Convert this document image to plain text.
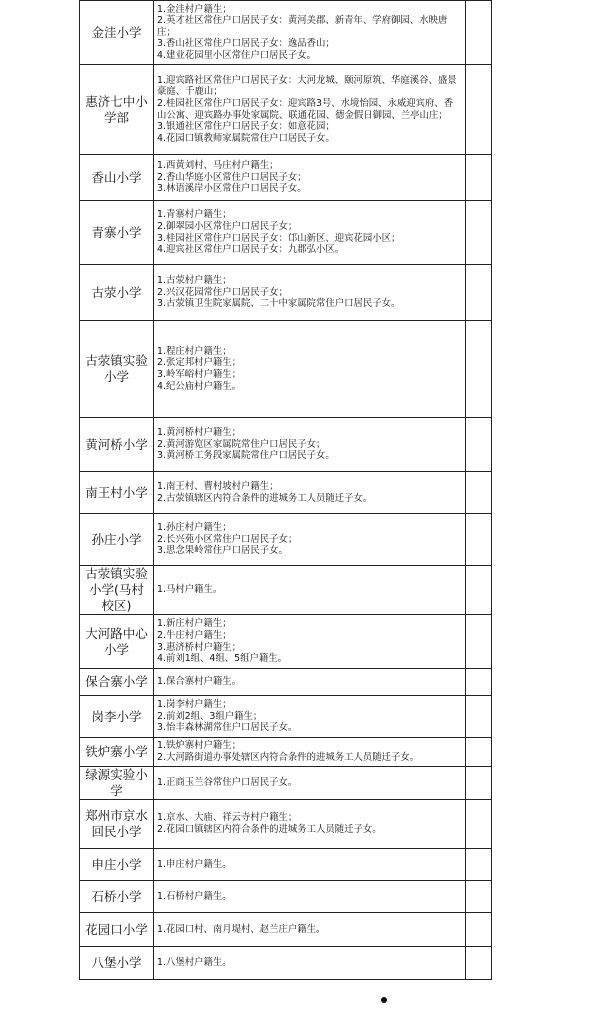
金洼小学	1.金洼村户籍生；
2.英才社区常住户口居民子女：黄河美郡、新青年、学府御园、水映唐庄；
3.香山社区常住户口居民子女：逸品香山；
4.建业花园里小区常住户口居民子女。	

惠济七中小学部	1.迎宾路社区常住户口居民子女：大河龙城、颐河原筑、华庭溪谷、盛景豪庭、千鹿山；
2.桂园社区常住户口居民子女：迎宾路3号、水境怡园、永威迎宾府、香山公寓、迎宾路办事处家属院、联通花园、德金假日御园、兰亭山庄；
3.银通社区常住户口居民子女：如意花园；
4.花园口镇教师家属院常住户口居民子女。	

香山小学	1.西黄刘村、马庄村户籍生；
2.香山华庭小区常住户口居民子女；
3.林语溪岸小区常住户口居民子女。	

青寨小学	1.青寨村户籍生；
2.御翠园小区常住户口居民子女；
3.桂园社区常住户口居民子女：邙山新区、迎宾花园小区；
4.迎宾社区常住户口居民子女：九郡弘小区。	

古荥小学	1.古荥村户籍生；
2.兴汉花园常住户口居民子女；
3.古荥镇卫生院家属院、二十中家属院常住户口居民子女。	

古荥镇实验小学	1.程庄村户籍生；
2.张定邦村户籍生；
3.岭军峪村户籍生；
4.纪公庙村户籍生。	

黄河桥小学	1.黄河桥村户籍生；
2.黄河游览区家属院常住户口居民子女；
3.黄河桥工务段家属院常住户口居民子女。	

南王村小学	1.南王村、曹村坡村户籍生；
2.古荥镇辖区内符合条件的进城务工人员随迁子女。	

孙庄小学	1.孙庄村户籍生；
2.长兴苑小区常住户口居民子女；
3.思念果岭常住户口居民子女。	

古荥镇实验小学(马村校区)	1.马村户籍生。	

大河路中心小学	1.新庄村户籍生；
2.牛庄村户籍生；
3.惠济桥村户籍生；
4.前刘1组、4组、5组户籍生。	

保合寨小学	1.保合寨村户籍生。	

岗李小学	1.岗李村户籍生；
2.前刘2组、3组户籍生；
3.怡丰森林湖常住户口居民子女。	

铁炉寨小学	1.铁炉寨村户籍生；
2.大河路街道办事处辖区内符合条件的进城务工人员随迁子女。	

绿源实验小学	1.正商玉兰谷常住户口居民子女。	

郑州市京水回民小学	1.京水、大庙、祥云寺村户籍生；
2.花园口镇辖区内符合条件的进城务工人员随迁子女。	

申庄小学	1.申庄村户籍生。	

石桥小学	1.石桥村户籍生。	

花园口小学	1.花园口村、南月堤村、赵兰庄户籍生。	

八堡小学	1.八堡村户籍生。	
